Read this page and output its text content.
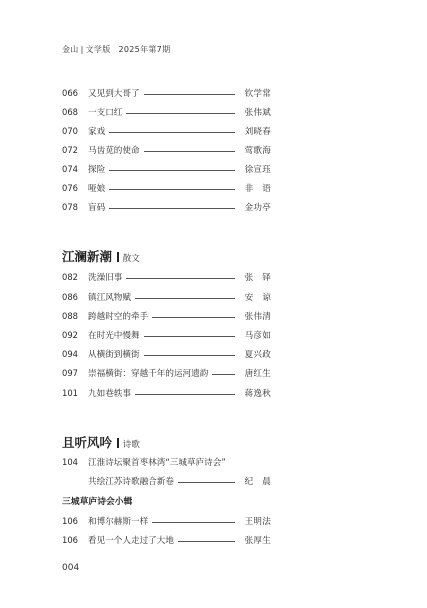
金山 | 文学版 2025年第7期
066	又见到大哥了	钦学常
068	一支口红	张伟斌
070	家戏	刘晓春
072	马齿苋的使命	莺歌海
074	探险	徐宣珏
076	哑娘	非　语
078	盲码	金功亭
江澜新潮 散文
082	洗澡旧事	张　铎
086	镇江风物赋	安　谅
088	跨越时空的牵手	张伟清
092	在时光中慢舞	马彦如
094	从横街到横街	夏兴政
097	崇福横街：穿越千年的运河遗韵	唐红生
101	九如巷轶事	蒋逸秋
且听风吟 诗歌
104	江淮诗坛聚首枣林湾“三城草庐诗会”
共绘江苏诗歌融合新卷	纪　晨
三城草庐诗会小辑
106	和博尔赫斯一样	王明法
106	看见一个人走过了大地	张厚生
004
